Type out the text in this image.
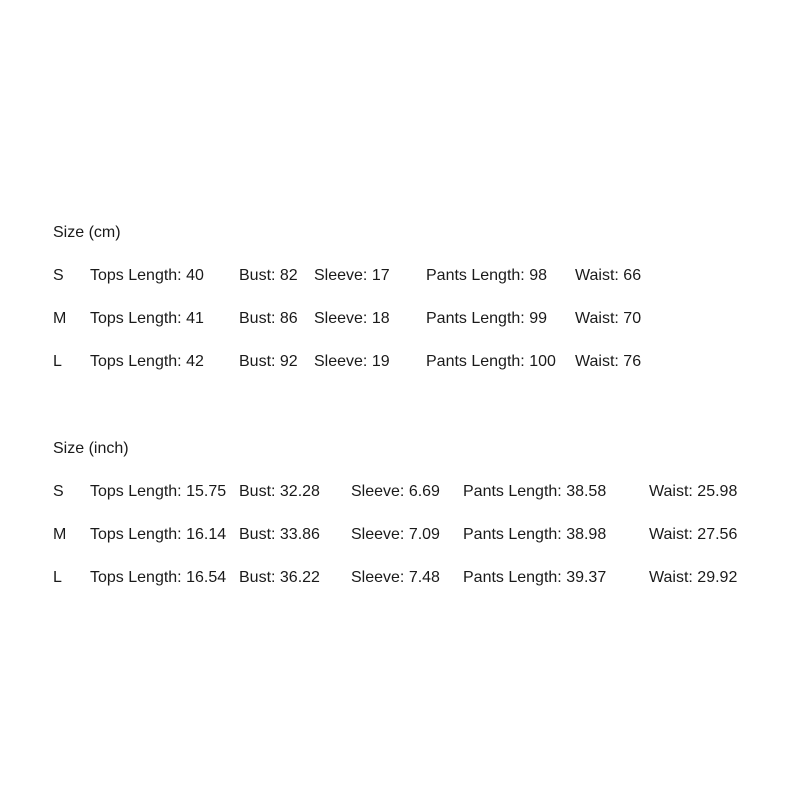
Size (cm)
S Tops Length: 40 Bust: 82 Sleeve: 17 Pants Length: 98 Waist: 66
M Tops Length: 41 Bust: 86 Sleeve: 18 Pants Length: 99 Waist: 70
L Tops Length: 42 Bust: 92 Sleeve: 19 Pants Length: 100 Waist: 76
Size (inch)
S Tops Length: 15.75 Bust: 32.28 Sleeve: 6.69 Pants Length: 38.58	Waist: 25.98
M Tops Length: 16.14 Bust: 33.86 Sleeve: 7.09 Pants Length: 38.98	Waist: 27.56
L Tops Length: 16.54 Bust: 36.22 Sleeve: 7.48 Pants Length: 39.37	Waist: 29.92
